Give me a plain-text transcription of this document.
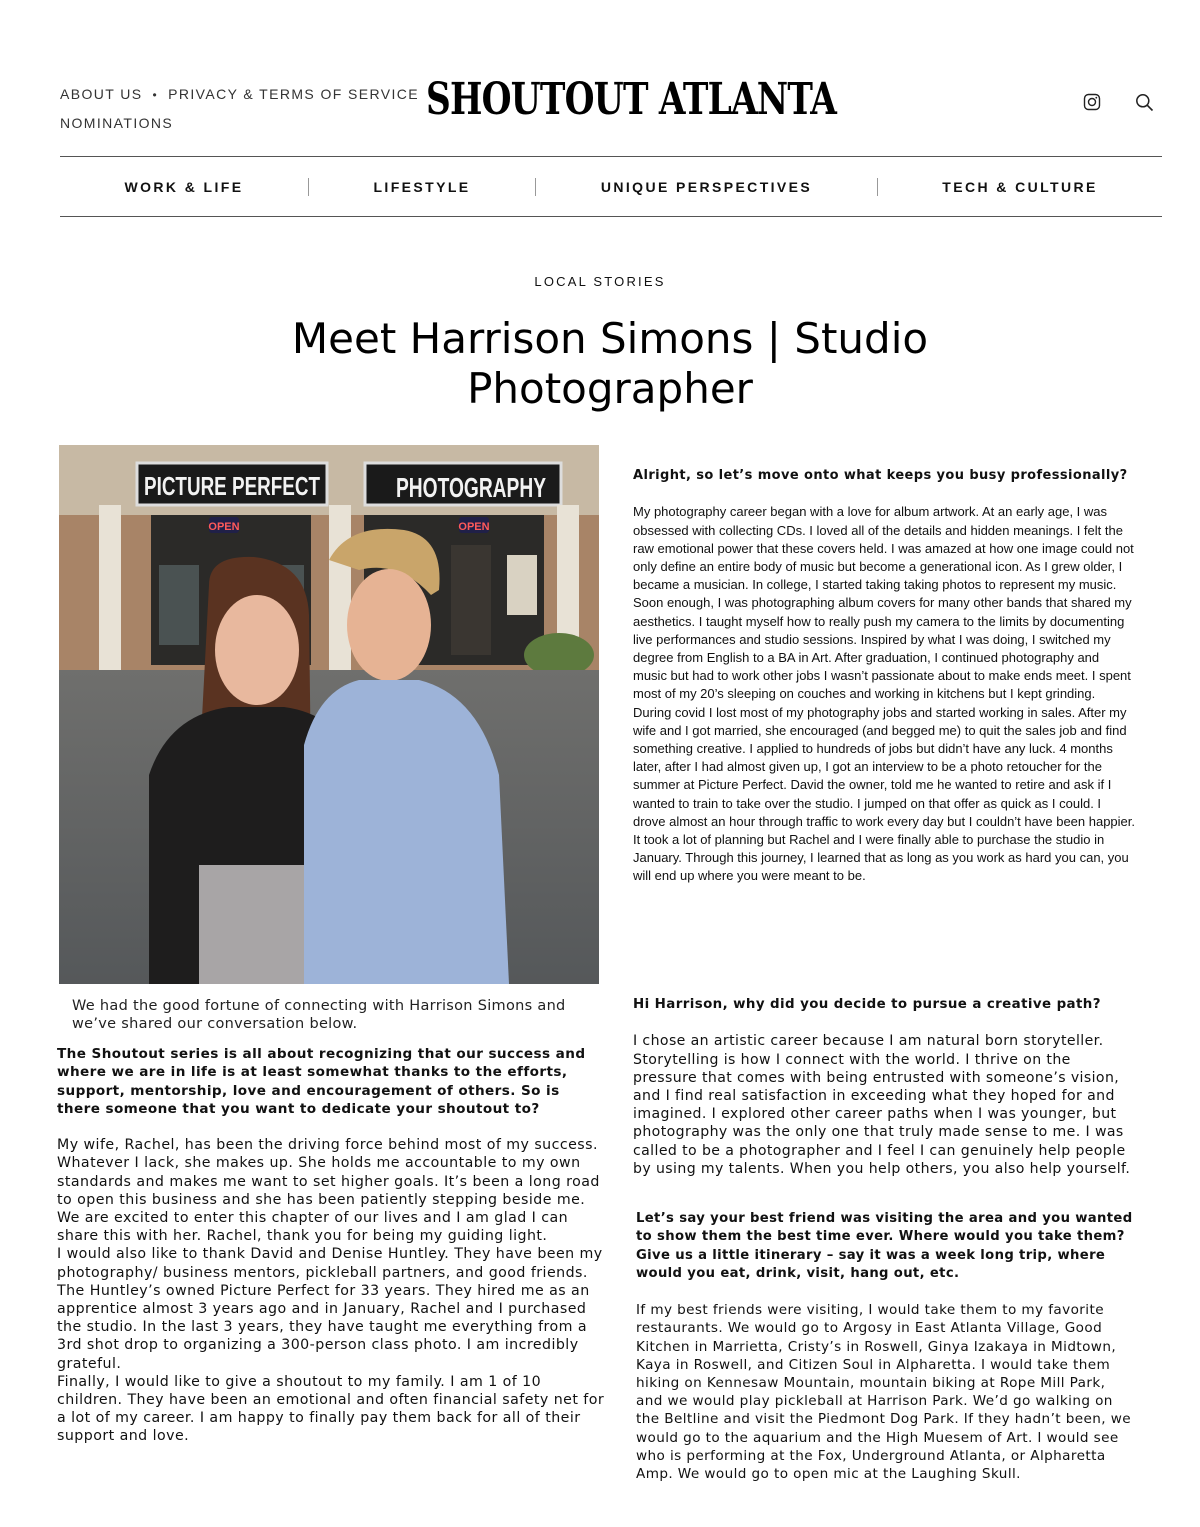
ABOUT US • PRIVACY & TERMS OF SERVICE
NOMINATIONS	SHOUTOUT ATLANTA
WORK & LIFE	LIFESTYLE	UNIQUE PERSPECTIVES	TECH & CULTURE
LOCAL STORIES
Meet Harrison Simons | Studio Photographer
PICTURE PERFECT	PHOTOGRAPHY
OPEN	OPEN
We had the good fortune of connecting with Harrison Simons and we’ve shared our conversation below.

The Shoutout series is all about recognizing that our success and where we are in life is at least somewhat thanks to the efforts, support, mentorship, love and encouragement of others. So is there someone that you want to dedicate your shoutout to?

My wife, Rachel, has been the driving force behind most of my success. Whatever I lack, she makes up. She holds me accountable to my own standards and makes me want to set higher goals. It’s been a long road to open this business and she has been patiently stepping beside me. We are excited to enter this chapter of our lives and I am glad I can share this with her. Rachel, thank you for being my guiding light.
I would also like to thank David and Denise Huntley. They have been my photography/ business mentors, pickleball partners, and good friends. The Huntley’s owned Picture Perfect for 33 years. They hired me as an apprentice almost 3 years ago and in January, Rachel and I purchased the studio. In the last 3 years, they have taught me everything from a 3rd shot drop to organizing a 300-person class photo. I am incredibly grateful.
Finally, I would like to give a shoutout to my family. I am 1 of 10 children. They have been an emotional and often financial safety net for a lot of my career. I am happy to finally pay them back for all of their support and love.

Alright, so let’s move onto what keeps you busy professionally?

My photography career began with a love for album artwork. At an early age, I was obsessed with collecting CDs. I loved all of the details and hidden meanings. I felt the raw emotional power that these covers held. I was amazed at how one image could not only define an entire body of music but become a generational icon. As I grew older, I became a musician. In college, I started taking taking photos to represent my music. Soon enough, I was photographing album covers for many other bands that shared my aesthetics. I taught myself how to really push my camera to the limits by documenting live performances and studio sessions. Inspired by what I was doing, I switched my degree from English to a BA in Art. After graduation, I continued photography and music but had to work other jobs I wasn’t passionate about to make ends meet. I spent most of my 20’s sleeping on couches and working in kitchens but I kept grinding. During covid I lost most of my photography jobs and started working in sales. After my wife and I got married, she encouraged (and begged me) to quit the sales job and find something creative. I applied to hundreds of jobs but didn’t have any luck. 4 months later, after I had almost given up, I got an interview to be a photo retoucher for the summer at Picture Perfect. David the owner, told me he wanted to retire and ask if I wanted to train to take over the studio. I jumped on that offer as quick as I could. I drove almost an hour through traffic to work every day but I couldn’t have been happier. It took a lot of planning but Rachel and I were finally able to purchase the studio in January. Through this journey, I learned that as long as you work as hard you can, you will end up where you were meant to be.

Hi Harrison, why did you decide to pursue a creative path?

I chose an artistic career because I am natural born storyteller. Storytelling is how I connect with the world. I thrive on the pressure that comes with being entrusted with someone’s vision, and I find real satisfaction in exceeding what they hoped for and imagined. I explored other career paths when I was younger, but photography was the only one that truly made sense to me. I was called to be a photographer and I feel I can genuinely help people by using my talents. When you help others, you also help yourself.

Let’s say your best friend was visiting the area and you wanted to show them the best time ever. Where would you take them? Give us a little itinerary – say it was a week long trip, where would you eat, drink, visit, hang out, etc.

If my best friends were visiting, I would take them to my favorite restaurants. We would go to Argosy in East Atlanta Village, Good Kitchen in Marrietta, Cristy’s in Roswell, Ginya Izakaya in Midtown, Kaya in Roswell, and Citizen Soul in Alpharetta. I would take them hiking on Kennesaw Mountain, mountain biking at Rope Mill Park, and we would play pickleball at Harrison Park. We’d go walking on the Beltline and visit the Piedmont Dog Park. If they hadn’t been, we would go to the aquarium and the High Muesem of Art. I would see who is performing at the Fox, Underground Atlanta, or Alpharetta Amp. We would go to open mic at the Laughing Skull.
